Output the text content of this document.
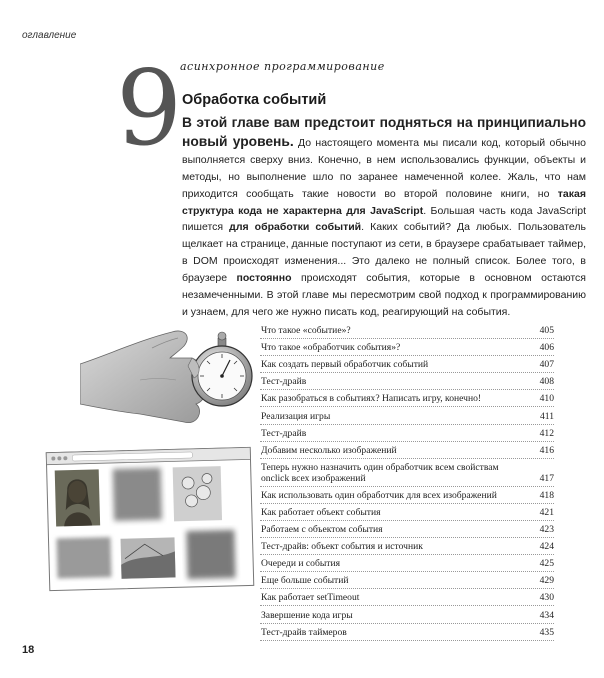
оглавление
9
асинхронное программирование
Обработка событий
В этой главе вам предстоит подняться на принципиально новый уровень. До настоящего момента мы писали код, который обычно выполняется сверху вниз. Конечно, в нем использовались функции, объекты и методы, но выполнение шло по заранее намеченной колее. Жаль, что нам приходится сообщать такие новости во второй половине книги, но такая структура кода не характерна для JavaScript. Большая часть кода JavaScript пишется для обработки событий. Каких событий? Да любых. Пользователь щелкает на странице, данные поступают из сети, в браузере срабатывает таймер, в DOM происходят изменения... Это далеко не полный список. Более того, в браузере постоянно происходят события, которые в основном остаются незамеченными. В этой главе мы пересмотрим свой подход к программированию и узнаем, для чего же нужно писать код, реагирующий на события.
Что такое «событие»?	405
Что такое «обработчик события»?	406
Как создать первый обработчик событий	407
Тест-драйв	408
Как разобраться в событиях? Написать игру, конечно!	410
Реализация игры	411
Тест-драйв	412
Добавим несколько изображений	416
Теперь нужно назначить один обработчик всем свойствам onclick всех изображений	417
Как использовать один обработчик для всех изображений	418
Как работает объект события	421
Работаем с объектом события	423
Тест-драйв: объект события и источник	424
Очереди и события	425
Еще больше событий	429
Как работает setTimeout	430
Завершение кода игры	434
Тест-драйв таймеров	435
18
